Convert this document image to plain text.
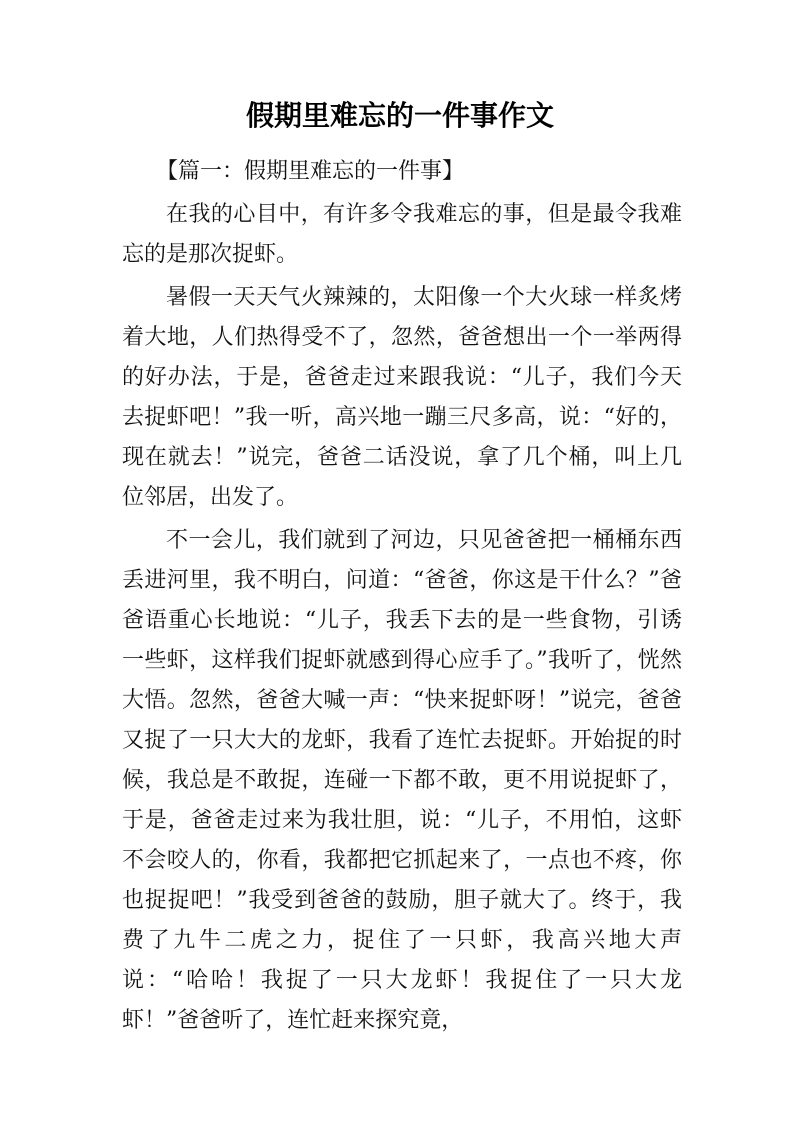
假期里难忘的一件事作文

【篇一：假期里难忘的一件事】

在我的心目中，有许多令我难忘的事，但是最令我难忘的是那次捉虾。

暑假一天天气火辣辣的，太阳像一个大火球一样炙烤着大地，人们热得受不了，忽然，爸爸想出一个一举两得的好办法，于是，爸爸走过来跟我说：“儿子，我们今天去捉虾吧！”我一听，高兴地一蹦三尺多高，说：“好的，现在就去！”说完，爸爸二话没说，拿了几个桶，叫上几位邻居，出发了。

不一会儿，我们就到了河边，只见爸爸把一桶桶东西丢进河里，我不明白，问道：“爸爸，你这是干什么？”爸爸语重心长地说：“儿子，我丢下去的是一些食物，引诱一些虾，这样我们捉虾就感到得心应手了。”我听了，恍然大悟。忽然，爸爸大喊一声：“快来捉虾呀！”说完，爸爸又捉了一只大大的龙虾，我看了连忙去捉虾。开始捉的时候，我总是不敢捉，连碰一下都不敢，更不用说捉虾了，于是，爸爸走过来为我壮胆，说：“儿子，不用怕，这虾不会咬人的，你看，我都把它抓起来了，一点也不疼，你也捉捉吧！”我受到爸爸的鼓励，胆子就大了。终于，我费了九牛二虎之力，捉住了一只虾，我高兴地大声说：“哈哈！我捉了一只大龙虾！我捉住了一只大龙虾！”爸爸听了，连忙赶来探究竟，
